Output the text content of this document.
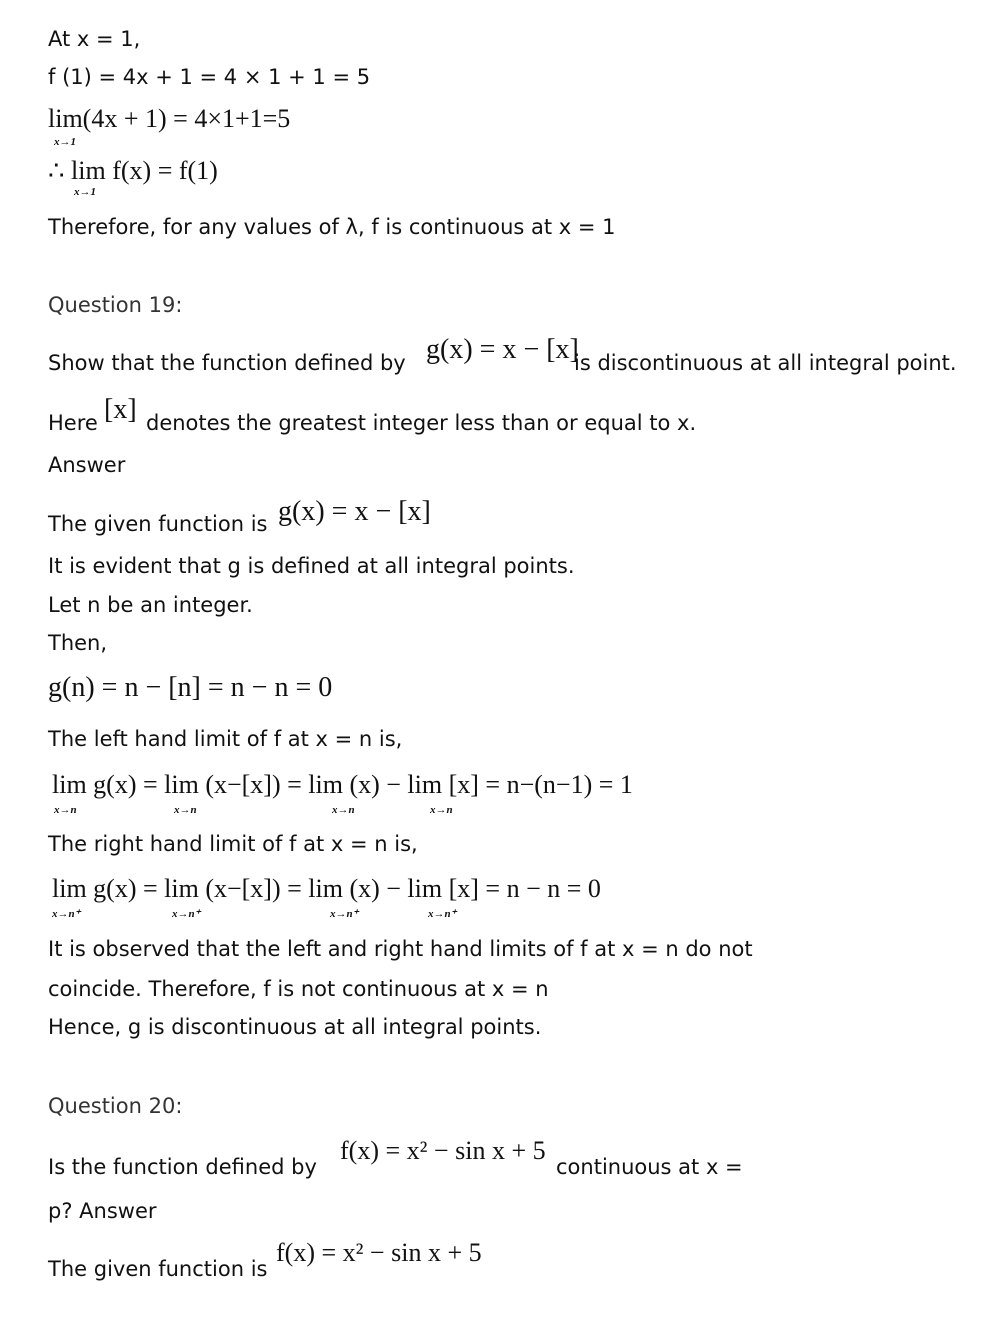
At x = 1,
f (1) = 4x + 1 = 4 × 1 + 1 = 5
lim(4x + 1) = 4×1+1=5
x→1
∴ lim f(x) = f(1)
x→1
Therefore, for any values of λ, f is continuous at x = 1
Question 19:
Show that the function defined by g(x) = x − [x]
is discontinuous at all integral point.
Here [x] denotes the greatest integer less than or equal to x.
Answer
The given function is g(x) = x − [x]
It is evident that g is defined at all integral points.
Let n be an integer.
Then,
g(n) = n − [n] = n − n = 0
The left hand limit of f at x = n is,
lim g(x) = lim (x−[x]) = lim (x) − lim [x] = n−(n−1) = 1
x→n	x→n	x→n	x→n
The right hand limit of f at x = n is,
lim g(x) = lim (x−[x]) = lim (x) − lim [x] = n − n = 0
x→n⁺	x→n⁺	x→n⁺	x→n⁺
It is observed that the left and right hand limits of f at x = n do not
coincide. Therefore, f is not continuous at x = n
Hence, g is discontinuous at all integral points.
Question 20:
Is the function defined by
f(x) = x² − sin x + 5
continuous at x =
p? Answer
The given function is
f(x) = x² − sin x + 5
